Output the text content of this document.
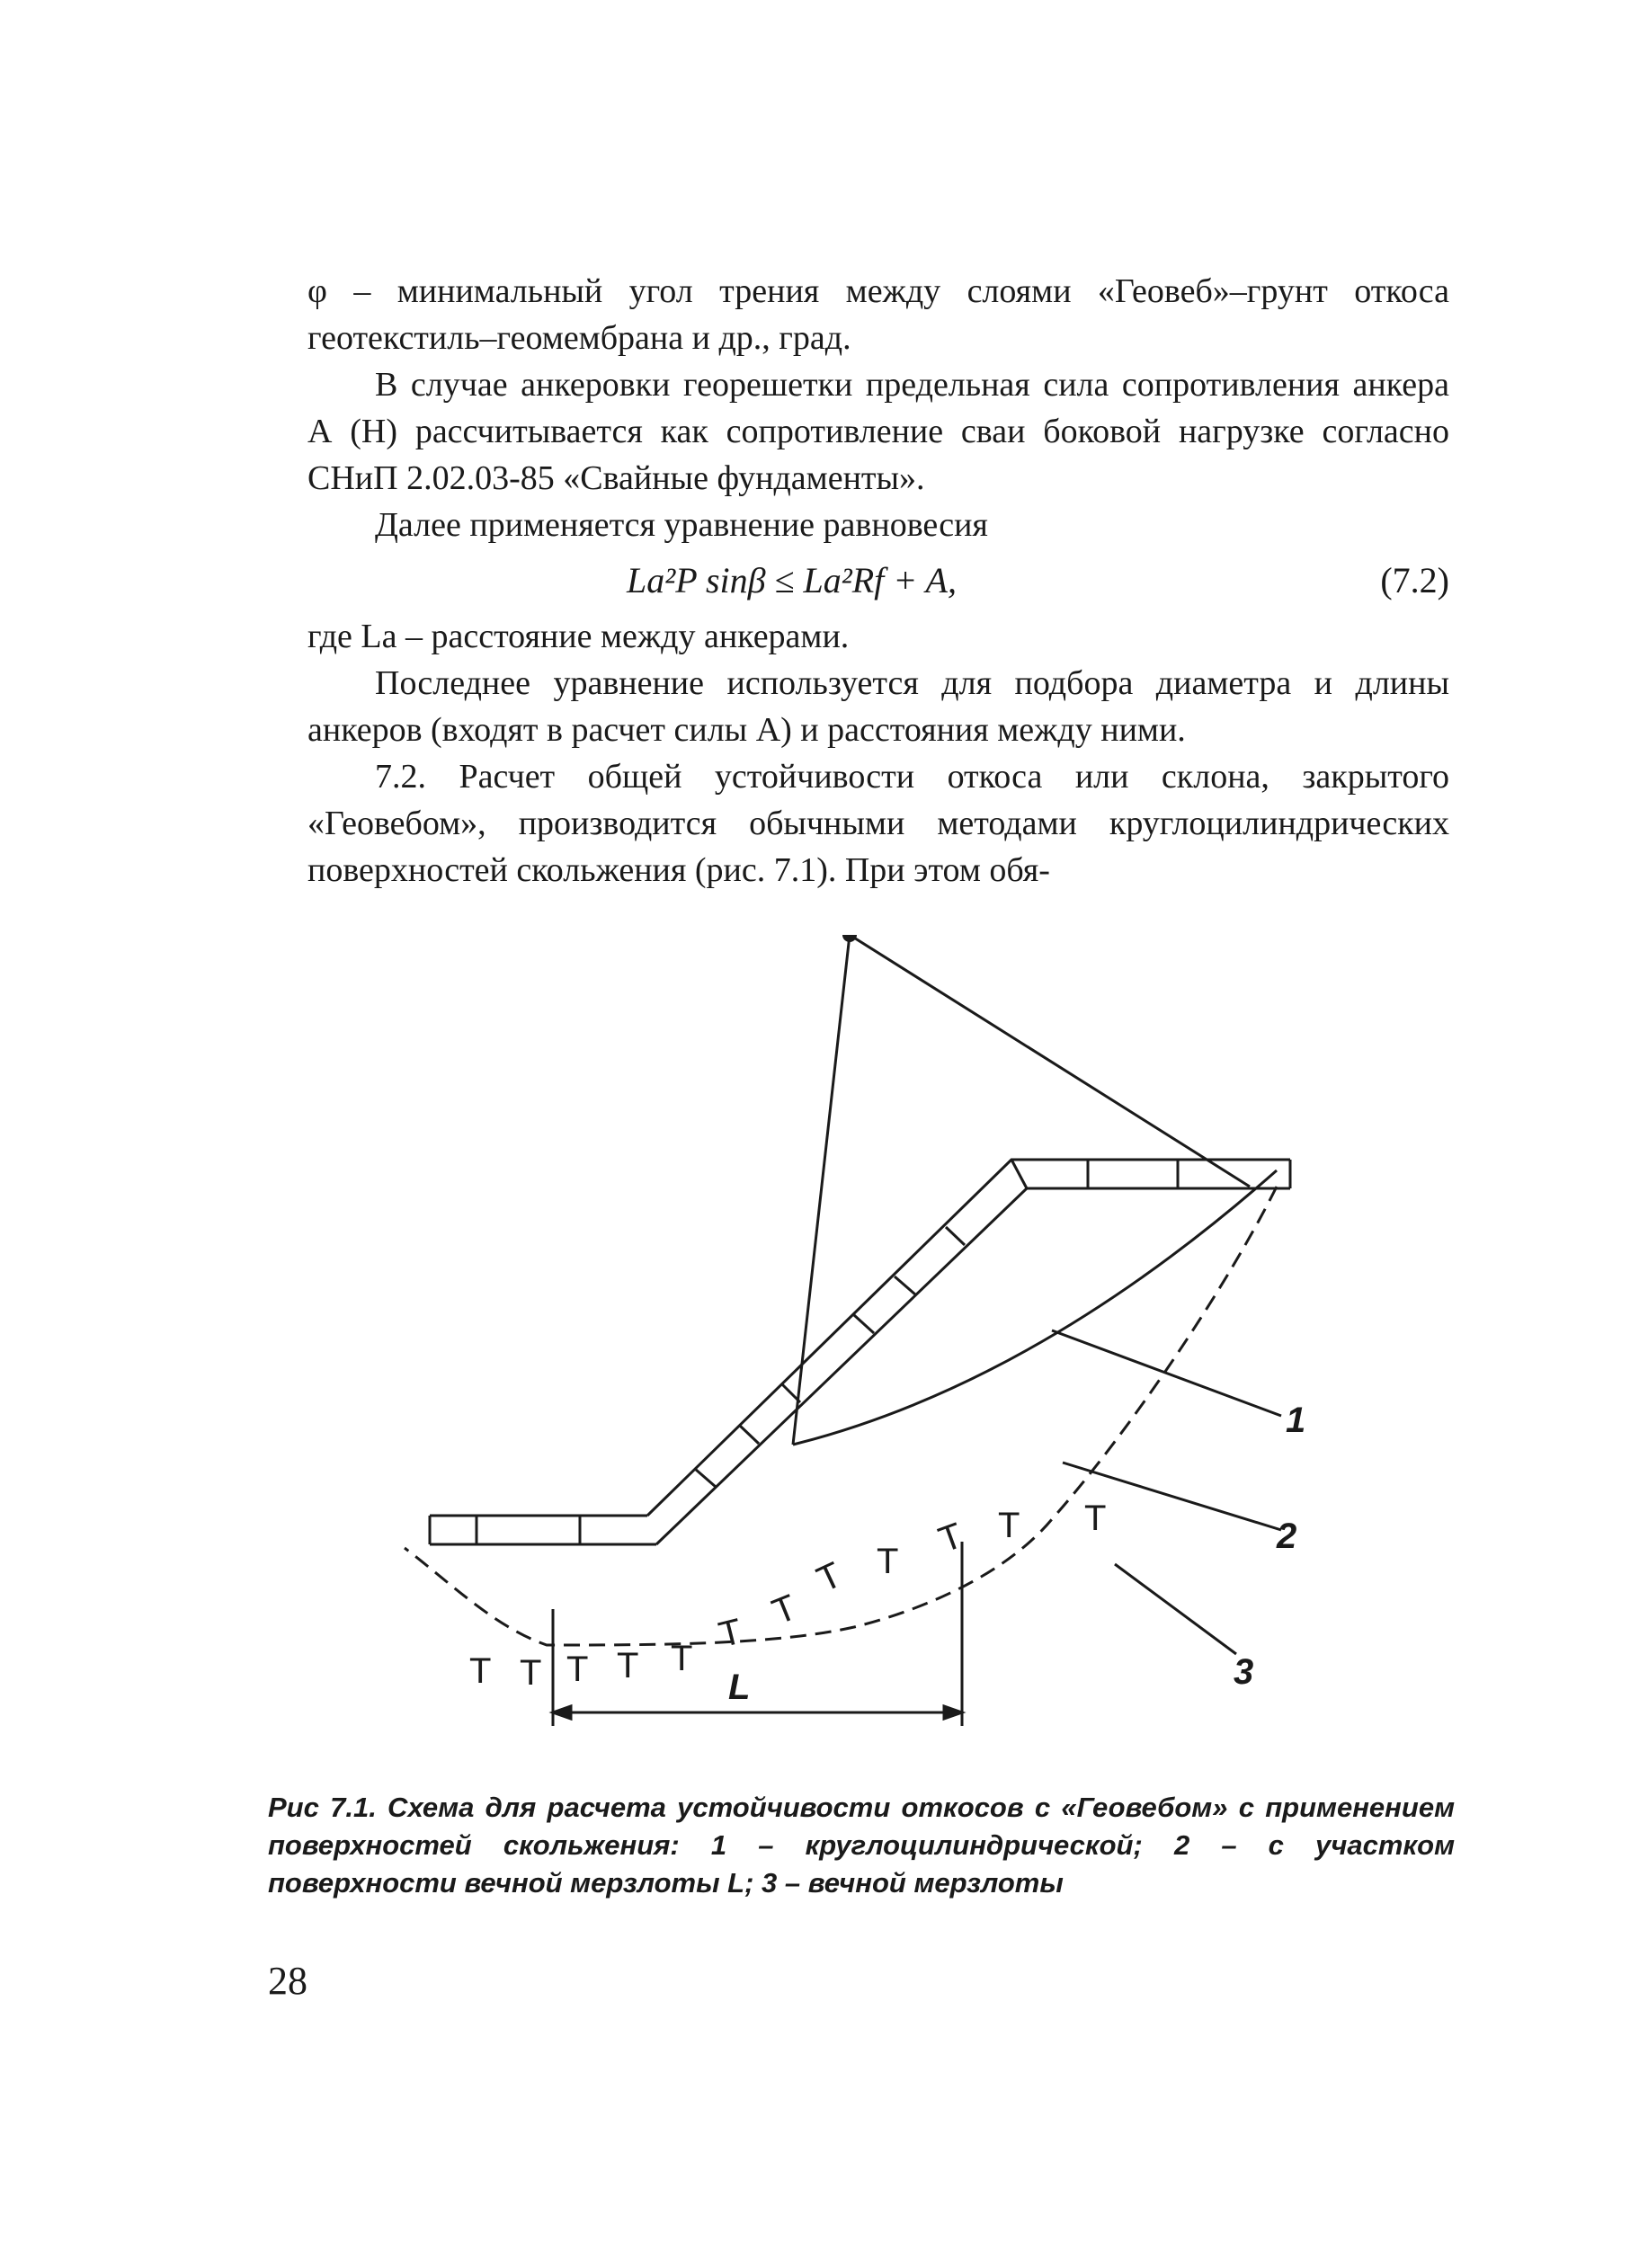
φ – минимальный угол трения между слоями «Геовеб»–грунт откоса геотекстиль–геомембрана и др., град.

В случае анкеровки георешетки предельная сила сопротивления анкера А (Н) рассчитывается как сопротивление сваи боковой нагрузке согласно СНиП 2.02.03-85 «Свайные фундаменты».

Далее применяется уравнение равновесия

La²P sinβ ≤ La²Rf + A,	(7.2)

где La – расстояние между анкерами.

Последнее уравнение используется для подбора диаметра и длины анкеров (входят в расчет силы А) и расстояния между ними.

7.2. Расчет общей устойчивости откоса или склона, закрытого «Геовебом», производится обычными методами круглоцилиндрических поверхностей скольжения (рис. 7.1). При этом обя-

T T T T T
T
T
T T
T T T
1
2
3
L
Рис 7.1. Схема для расчета устойчивости откосов с «Геовебом» с применением поверхностей скольжения: 1 – круглоцилиндрической; 2 – с участком поверхности вечной мерзлоты L; 3 – вечной мерзлоты
28
